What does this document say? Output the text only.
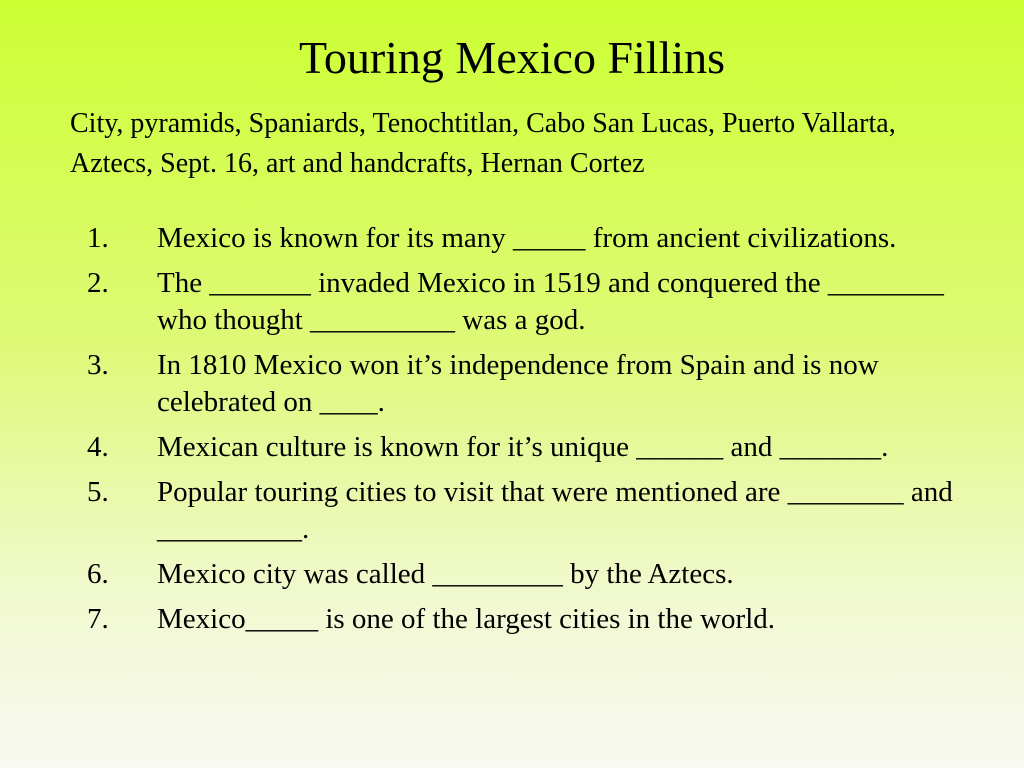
Touring Mexico Fillins

City, pyramids, Spaniards, Tenochtitlan, Cabo San Lucas, Puerto Vallarta, Aztecs, Sept. 16, art and handcrafts, Hernan Cortez

1.	Mexico is known for its many _____ from ancient civilizations.
2.	The _______ invaded Mexico in 1519 and conquered the ________ who thought __________ was a god.
3.	In 1810 Mexico won it’s independence from Spain and is now celebrated on ____.
4.	Mexican culture is known for it’s unique ______ and _______.
5.	Popular touring cities to visit that were mentioned are ________ and __________.
6.	Mexico city was called _________ by the Aztecs.
7.	Mexico_____ is one of the largest cities in the world.
